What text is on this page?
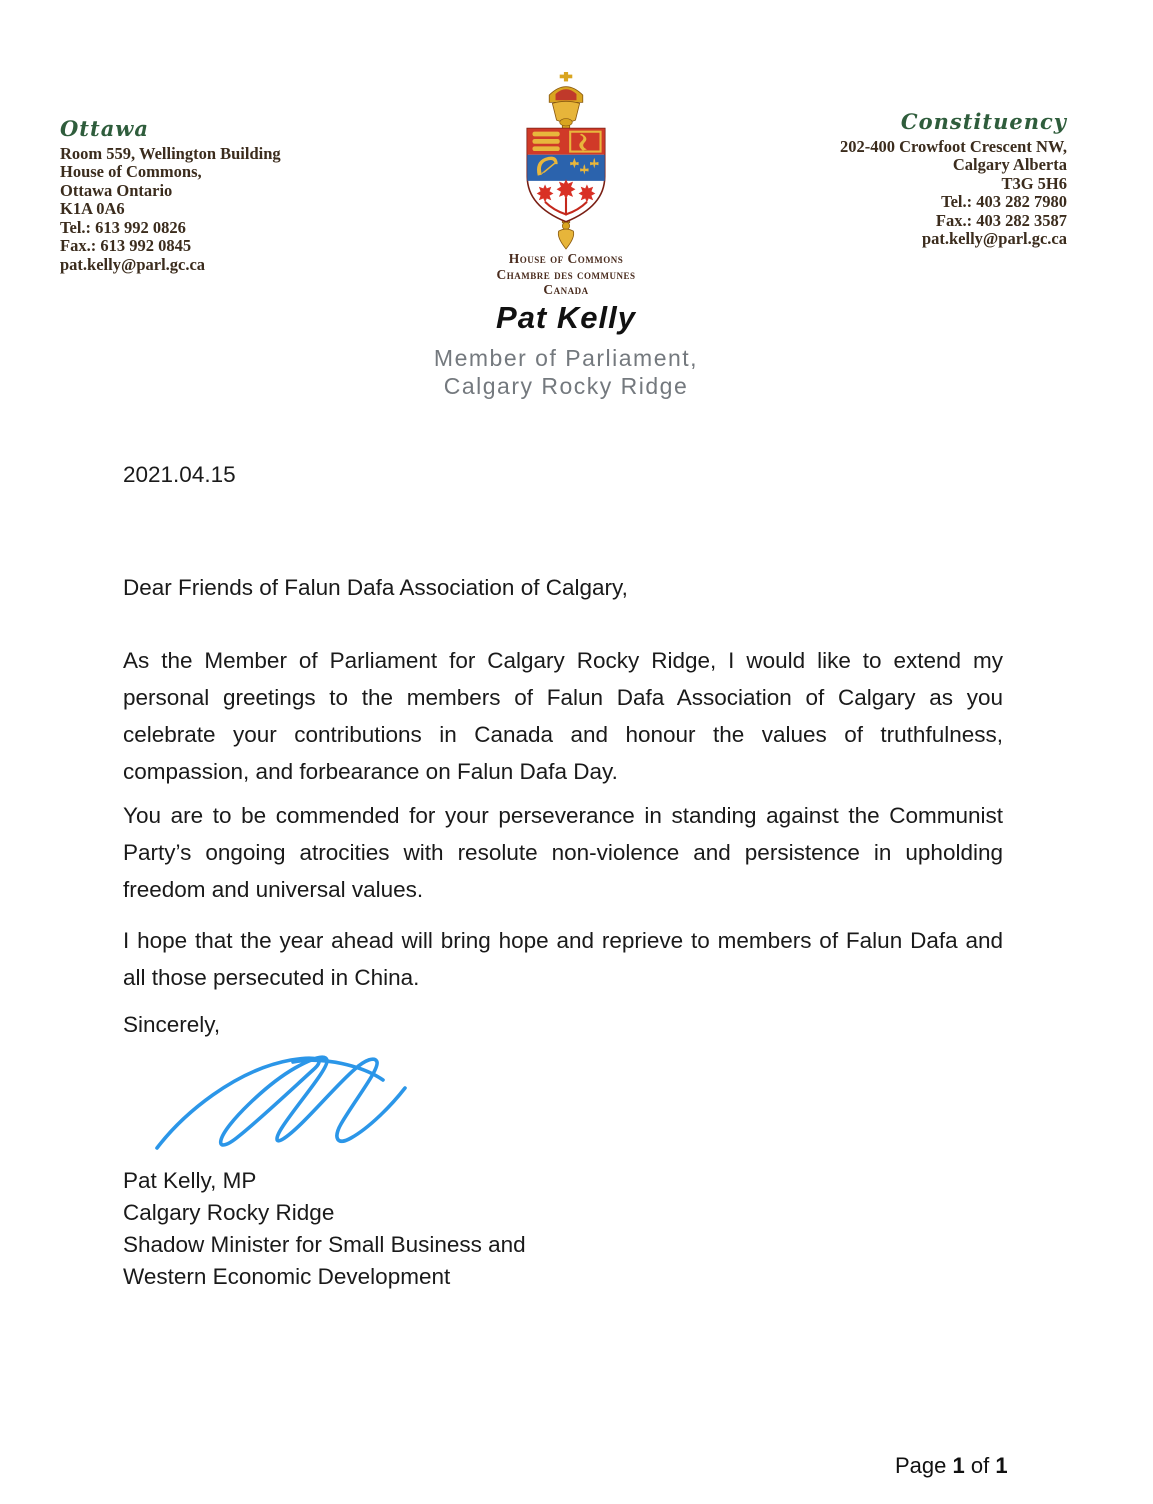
Ottawa
Room 559, Wellington Building
House of Commons,
Ottawa Ontario
K1A 0A6
Tel.: 613 992 0826
Fax.: 613 992 0845
pat.kelly@parl.gc.ca
Constituency
202-400 Crowfoot Crescent NW,
Calgary Alberta
T3G 5H6
Tel.: 403 282 7980
Fax.: 403 282 3587
pat.kelly@parl.gc.ca
House of Commons
Chambre des communes
Canada
Pat Kelly
Member of Parliament,
Calgary Rocky Ridge
2021.04.15
Dear Friends of Falun Dafa Association of Calgary,
As the Member of Parliament for Calgary Rocky Ridge, I would like to extend my personal greetings to the members of Falun Dafa Association of Calgary as you celebrate your contributions in Canada and honour the values of truthfulness, compassion, and forbearance on Falun Dafa Day.
You are to be commended for your perseverance in standing against the Communist Party’s ongoing atrocities with resolute non-violence and persistence in upholding freedom and universal values.
I hope that the year ahead will bring hope and reprieve to members of Falun Dafa and all those persecuted in China.
Sincerely,
Pat Kelly, MP
Calgary Rocky Ridge
Shadow Minister for Small Business and
Western Economic Development
Page 1 of 1
